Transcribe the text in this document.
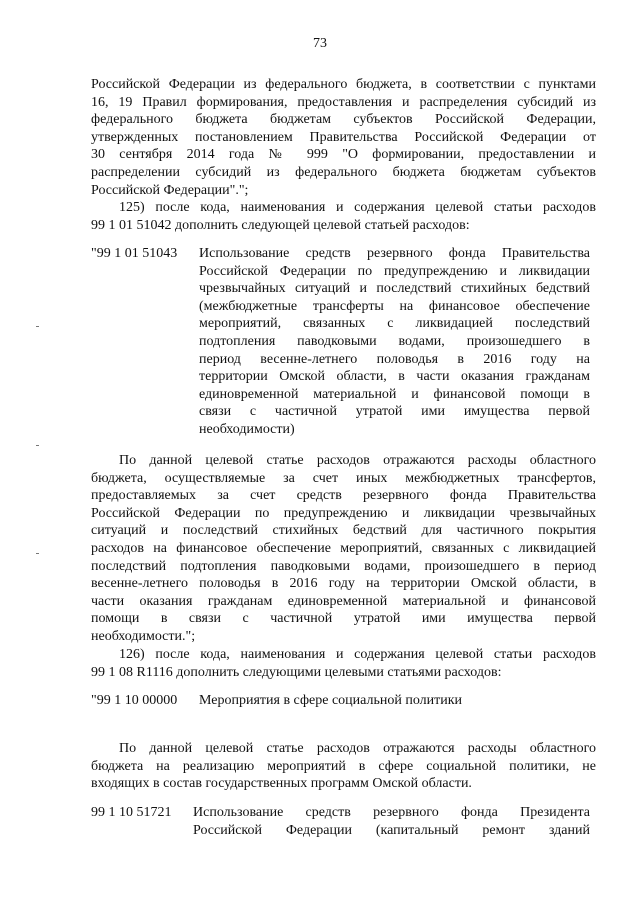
73
Российской Федерации из федерального бюджета, в соответствии с пунктами
16, 19 Правил формирования, предоставления и распределения субсидий из
федерального бюджета бюджетам субъектов Российской Федерации,
утвержденных постановлением Правительства Российской Федерации от
30 сентября 2014 года № 999 "О формировании, предоставлении и
распределении субсидий из федерального бюджета бюджетам субъектов
Российской Федерации".";
125) после кода, наименования и содержания целевой статьи расходов
99 1 01 51042 дополнить следующей целевой статьей расходов:
"99 1 01 51043 Использование средств резервного фонда Правительства
Российской Федерации по предупреждению и ликвидации
чрезвычайных ситуаций и последствий стихийных бедствий
(межбюджетные трансферты на финансовое обеспечение
мероприятий, связанных с ликвидацией последствий
подтопления паводковыми водами, произошедшего в
период весенне-летнего половодья в 2016 году на
территории Омской области, в части оказания гражданам
единовременной материальной и финансовой помощи в
связи с частичной утратой ими имущества первой
необходимости)
По данной целевой статье расходов отражаются расходы областного
бюджета, осуществляемые за счет иных межбюджетных трансфертов,
предоставляемых за счет средств резервного фонда Правительства
Российской Федерации по предупреждению и ликвидации чрезвычайных
ситуаций и последствий стихийных бедствий для частичного покрытия
расходов на финансовое обеспечение мероприятий, связанных с ликвидацией
последствий подтопления паводковыми водами, произошедшего в период
весенне-летнего половодья в 2016 году на территории Омской области, в
части оказания гражданам единовременной материальной и финансовой
помощи в связи с частичной утратой ими имущества первой
необходимости.";
126) после кода, наименования и содержания целевой статьи расходов
99 1 08 R1116 дополнить следующими целевыми статьями расходов:
"99 1 10 00000 Мероприятия в сфере социальной политики
По данной целевой статье расходов отражаются расходы областного
бюджета на реализацию мероприятий в сфере социальной политики, не
входящих в состав государственных программ Омской области.
99 1 10 51721 Использование средств резервного фонда Президента
Российской Федерации (капитальный ремонт зданий
